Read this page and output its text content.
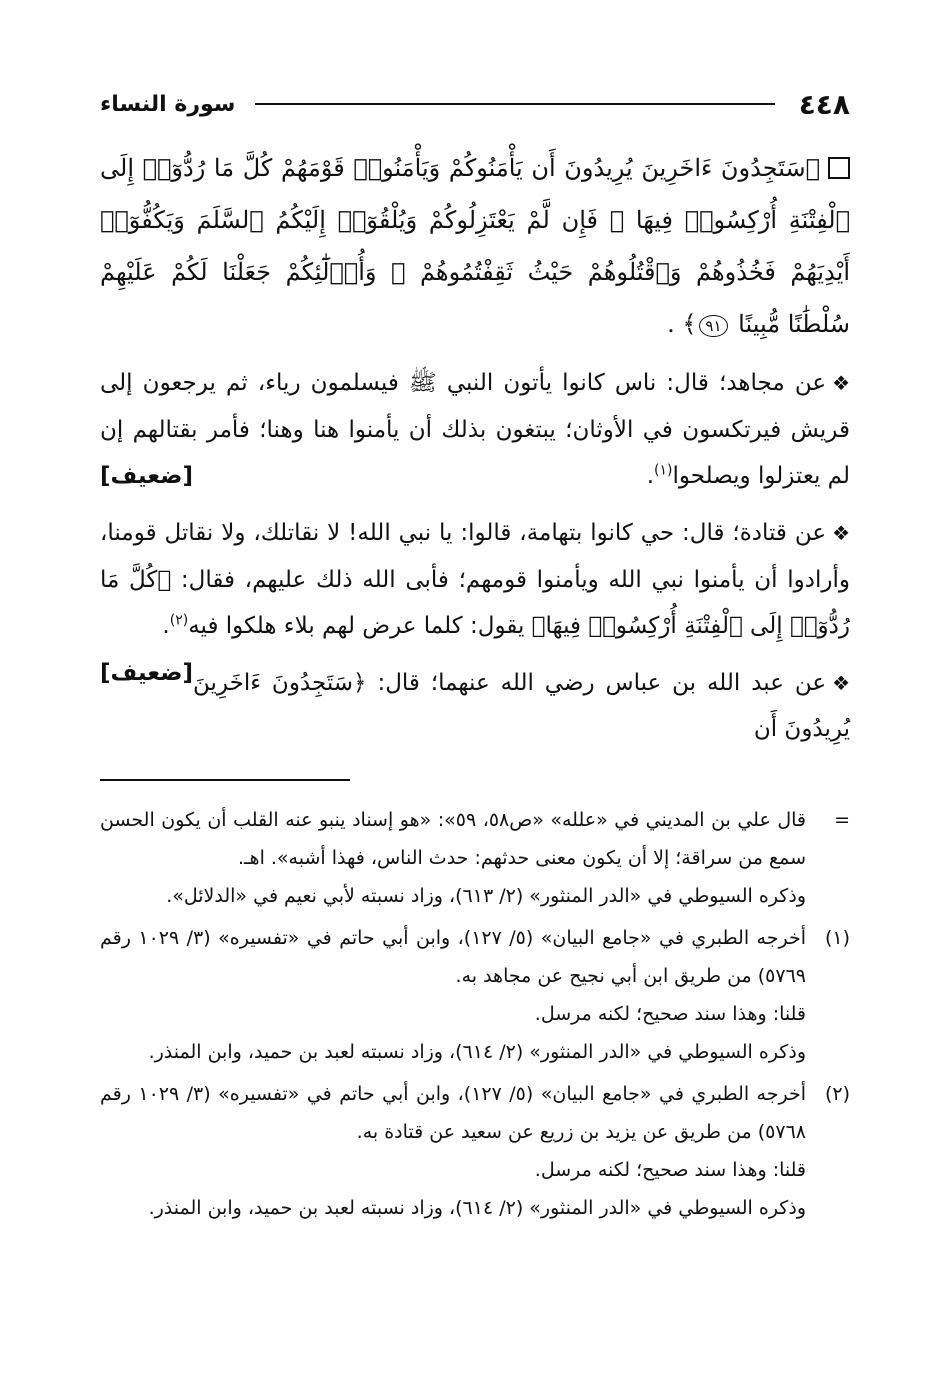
٤٤٨
سورة النساء

﴿سَتَجِدُونَ ءَاخَرِينَ يُرِيدُونَ أَن يَأْمَنُوكُمْ وَيَأْمَنُوا۟ قَوْمَهُمْ كُلَّ مَا رُدُّوٓا۟ إِلَى ٱلْفِتْنَةِ أُرْكِسُوا۟ فِيهَا ۚ فَإِن لَّمْ يَعْتَزِلُوكُمْ وَيُلْقُوٓا۟ إِلَيْكُمُ ٱلسَّلَمَ وَيَكُفُّوٓا۟ أَيْدِيَهُمْ فَخُذُوهُمْ وَٱقْتُلُوهُمْ حَيْثُ ثَقِفْتُمُوهُمْ ۚ وَأُو۟لَٰٓئِكُمْ جَعَلْنَا لَكُمْ عَلَيْهِمْ سُلْطَٰنًا مُّبِينًا ٩١﴾ .

❖عن مجاهد؛ قال: ناس كانوا يأتون النبي ﷺ فيسلمون رياء، ثم يرجعون إلى قريش فيرتكسون في الأوثان؛ يبتغون بذلك أن يأمنوا هنا وهنا؛ فأمر بقتالهم إن لم يعتزلوا ويصلحوا$^{(١)}$.
[ضعيف]

❖عن قتادة؛ قال: حي كانوا بتهامة، قالوا: يا نبي الله! لا نقاتلك، ولا نقاتل قومنا، وأرادوا أن يأمنوا نبي الله ويأمنوا قومهم؛ فأبى الله ذلك عليهم، فقال: ﴿كُلَّ مَا رُدُّوٓا۟ إِلَى ٱلْفِتْنَةِ أُرْكِسُوا۟ فِيهَا﴾ يقول: كلما عرض لهم بلاء هلكوا فيه$^{(٢)}$.
[ضعيف]	❖عن عبد الله بن عباس رضي الله عنهما؛ قال: ﴿سَتَجِدُونَ ءَاخَرِينَ يُرِيدُونَ أَن

=
قال علي بن المديني في «علله» «ص٥٨، ٥٩»: «هو إسناد ينبو عنه القلب أن يكون الحسن سمع من سراقة؛ إلا أن يكون معنى حدثهم: حدث الناس، فهذا أشبه». اهـ.
وذكره السيوطي في «الدر المنثور» (٢/ ٦١٣)، وزاد نسبته لأبي نعيم في «الدلائل».
(١)
أخرجه الطبري في «جامع البيان» (٥/ ١٢٧)، وابن أبي حاتم في «تفسيره» (٣/ ١٠٢٩ رقم ٥٧٦٩) من طريق ابن أبي نجيح عن مجاهد به.
قلنا: وهذا سند صحيح؛ لكنه مرسل.
وذكره السيوطي في «الدر المنثور» (٢/ ٦١٤)، وزاد نسبته لعبد بن حميد، وابن المنذر.
(٢)
أخرجه الطبري في «جامع البيان» (٥/ ١٢٧)، وابن أبي حاتم في «تفسيره» (٣/ ١٠٢٩ رقم ٥٧٦٨) من طريق عن يزيد بن زريع عن سعيد عن قتادة به.
قلنا: وهذا سند صحيح؛ لكنه مرسل.
وذكره السيوطي في «الدر المنثور» (٢/ ٦١٤)، وزاد نسبته لعبد بن حميد، وابن المنذر.
